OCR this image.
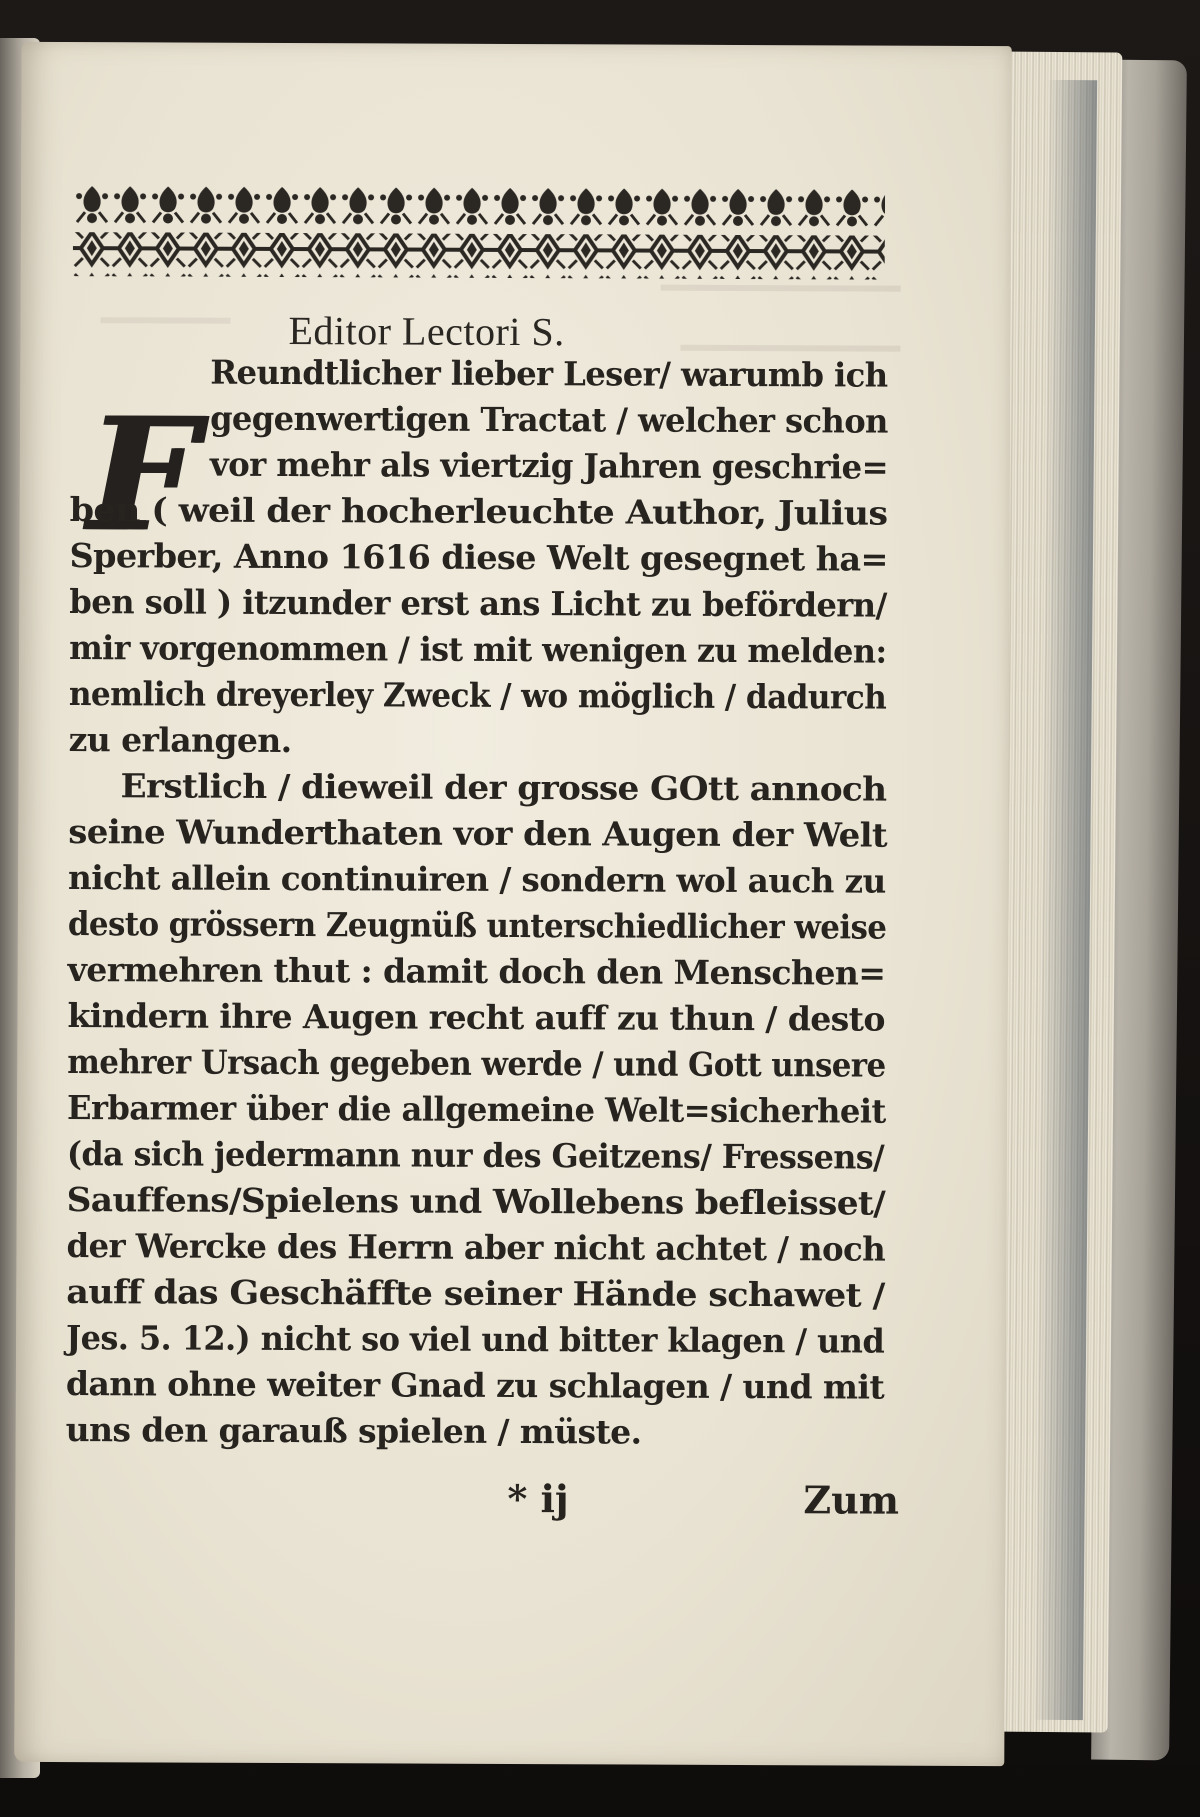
Editor Lectori S.
F
Reundtlicher lieber Leser/ warumb ich
gegenwertigen Tractat / welcher schon
vor mehr als viertzig Jahren geschrie=
ben ( weil der hocherleuchte Author, Julius
Sperber, Anno 1616 diese Welt gesegnet ha=
ben soll ) itzunder erst ans Licht zu befördern/
mir vorgenommen / ist mit wenigen zu melden:
nemlich dreyerley Zweck / wo möglich / dadurch
zu erlangen.
Erstlich / dieweil der grosse GOtt annoch
seine Wunderthaten vor den Augen der Welt
nicht allein continuiren / sondern wol auch zu
desto grössern Zeugnüß unterschiedlicher weise
vermehren thut : damit doch den Menschen=
kindern ihre Augen recht auff zu thun / desto
mehrer Ursach gegeben werde / und Gott unsere
Erbarmer über die allgemeine Welt=sicherheit
(da sich jedermann nur des Geitzens/ Fressens/
Sauffens/Spielens und Wollebens befleisset/
der Wercke des Herrn aber nicht achtet / noch
auff das Geschäffte seiner Hände schawet /
Jes. 5. 12.) nicht so viel und bitter klagen / und
dann ohne weiter Gnad zu schlagen / und mit
uns den garauß spielen / müste.
* ij	Zum
